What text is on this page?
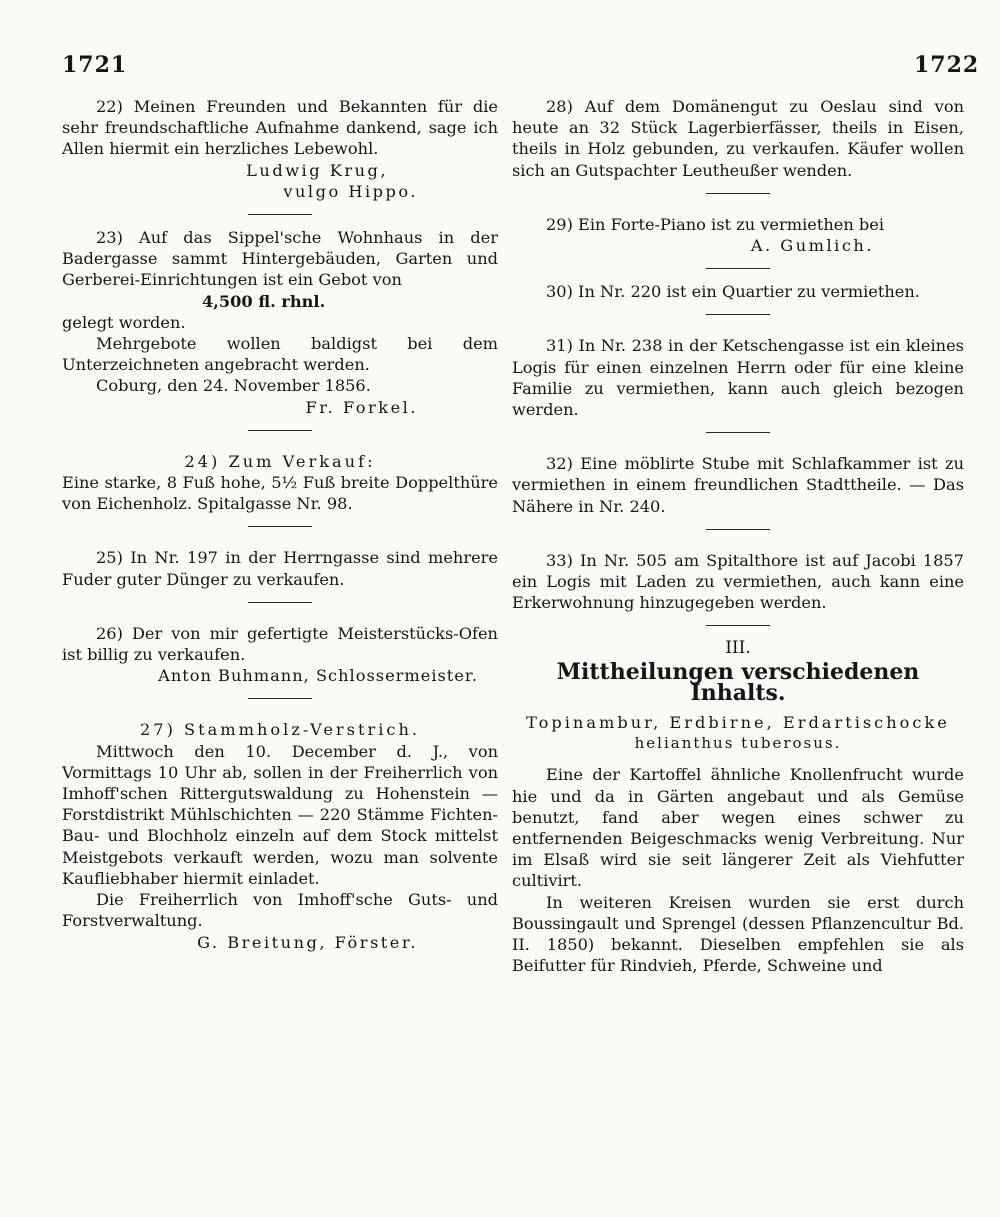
1721	1722

22) Meinen Freunden und Bekannten für die sehr freundschaftliche Aufnahme dankend, sage ich Allen hiermit ein herzliches Lebewohl.

Ludwig Krug,

vulgo Hippo.

23) Auf das Sippel'sche Wohnhaus in der Badergasse sammt Hintergebäuden, Garten und Gerberei-Einrichtungen ist ein Gebot von

4,500 fl. rhnl.

gelegt worden.

Mehrgebote wollen baldigst bei dem Unterzeichneten angebracht werden.

Coburg, den 24. November 1856.

Fr. Forkel.

24) Zum Verkauf:

Eine starke, 8 Fuß hohe, 5½ Fuß breite Doppelthüre von Eichenholz. Spitalgasse Nr. 98.

25) In Nr. 197 in der Herrngasse sind mehrere Fuder guter Dünger zu verkaufen.

26) Der von mir gefertigte Meisterstücks-Ofen ist billig zu verkaufen.

Anton Buhmann, Schlossermeister.

27) Stammholz-Verstrich.

Mittwoch den 10. December d. J., von Vormittags 10 Uhr ab, sollen in der Freiherrlich von Imhoff'schen Rittergutswaldung zu Hohenstein — Forstdistrikt Mühlschichten — 220 Stämme Fichten-Bau- und Blochholz einzeln auf dem Stock mittelst Meistgebots verkauft werden, wozu man solvente Kaufliebhaber hiermit einladet.

Die Freiherrlich von Imhoff'sche Guts- und Forstverwaltung.

G. Breitung, Förster.

28) Auf dem Domänengut zu Oeslau sind von heute an 32 Stück Lagerbierfässer, theils in Eisen, theils in Holz gebunden, zu verkaufen. Käufer wollen sich an Gutspachter Leutheußer wenden.

29) Ein Forte-Piano ist zu vermiethen bei

A. Gumlich.

30) In Nr. 220 ist ein Quartier zu vermiethen.

31) In Nr. 238 in der Ketschengasse ist ein kleines Logis für einen einzelnen Herrn oder für eine kleine Familie zu vermiethen, kann auch gleich bezogen werden.

32) Eine möblirte Stube mit Schlafkammer ist zu vermiethen in einem freundlichen Stadttheile. — Das Nähere in Nr. 240.

33) In Nr. 505 am Spitalthore ist auf Jacobi 1857 ein Logis mit Laden zu vermiethen, auch kann eine Erkerwohnung hinzugegeben werden.

III.

Mittheilungen verschiedenen Inhalts.

Topinambur, Erdbirne, Erdartischocke

helianthus tuberosus.

Eine der Kartoffel ähnliche Knollenfrucht wurde hie und da in Gärten angebaut und als Gemüse benutzt, fand aber wegen eines schwer zu entfernenden Beigeschmacks wenig Verbreitung. Nur im Elsaß wird sie seit längerer Zeit als Viehfutter cultivirt.

In weiteren Kreisen wurden sie erst durch Boussingault und Sprengel (dessen Pflanzencultur Bd. II. 1850) bekannt. Dieselben empfehlen sie als Beifutter für Rindvieh, Pferde, Schweine und
